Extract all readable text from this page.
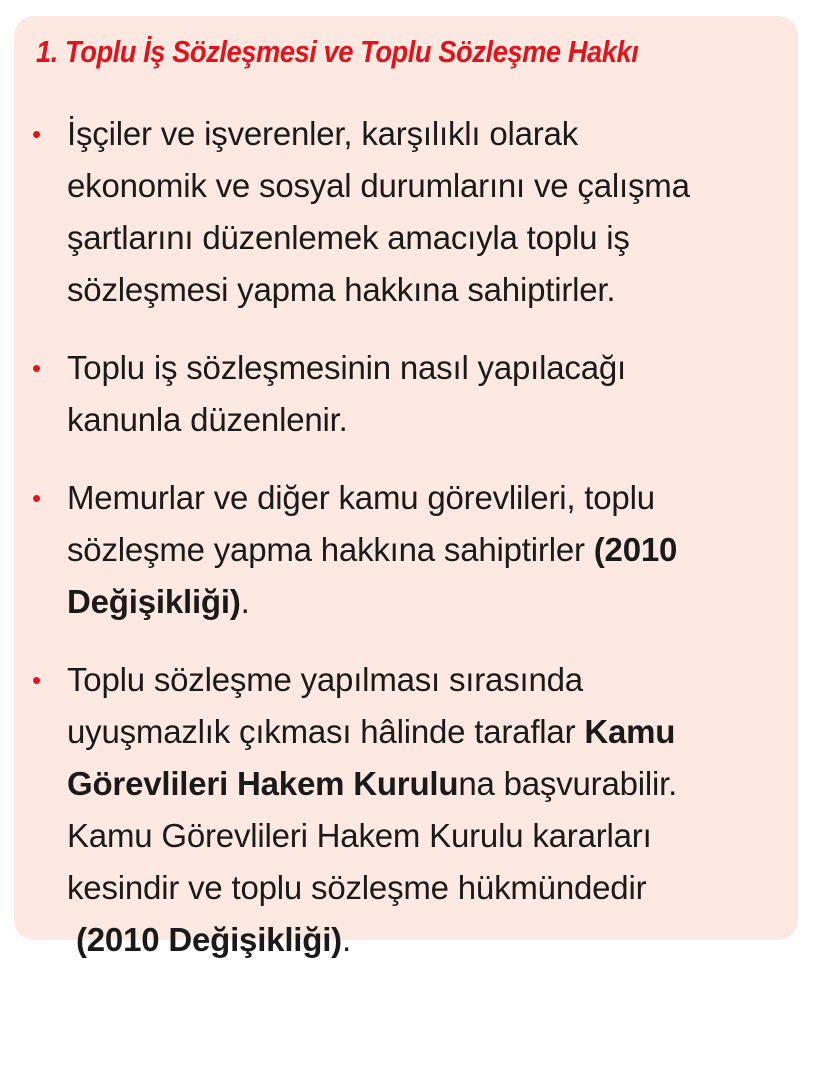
1. Toplu İş Sözleşmesi ve Toplu Sözleşme Hakkı
• İşçiler ve işverenler, karşılıklı olarak
ekonomik ve sosyal durumlarını ve çalışma
şartlarını düzenlemek amacıyla toplu iş
sözleşmesi yapma hakkına sahiptirler.
• Toplu iş sözleşmesinin nasıl yapılacağı
kanunla düzenlenir.
• Memurlar ve diğer kamu görevlileri, toplu
sözleşme yapma hakkına sahiptirler (2010
Değişikliği).
• Toplu sözleşme yapılması sırasında
uyuşmazlık çıkması hâlinde taraflar Kamu
Görevlileri Hakem Kuruluna başvurabilir.
Kamu Görevlileri Hakem Kurulu kararları
kesindir ve toplu sözleşme hükmündedir
(2010 Değişikliği).
